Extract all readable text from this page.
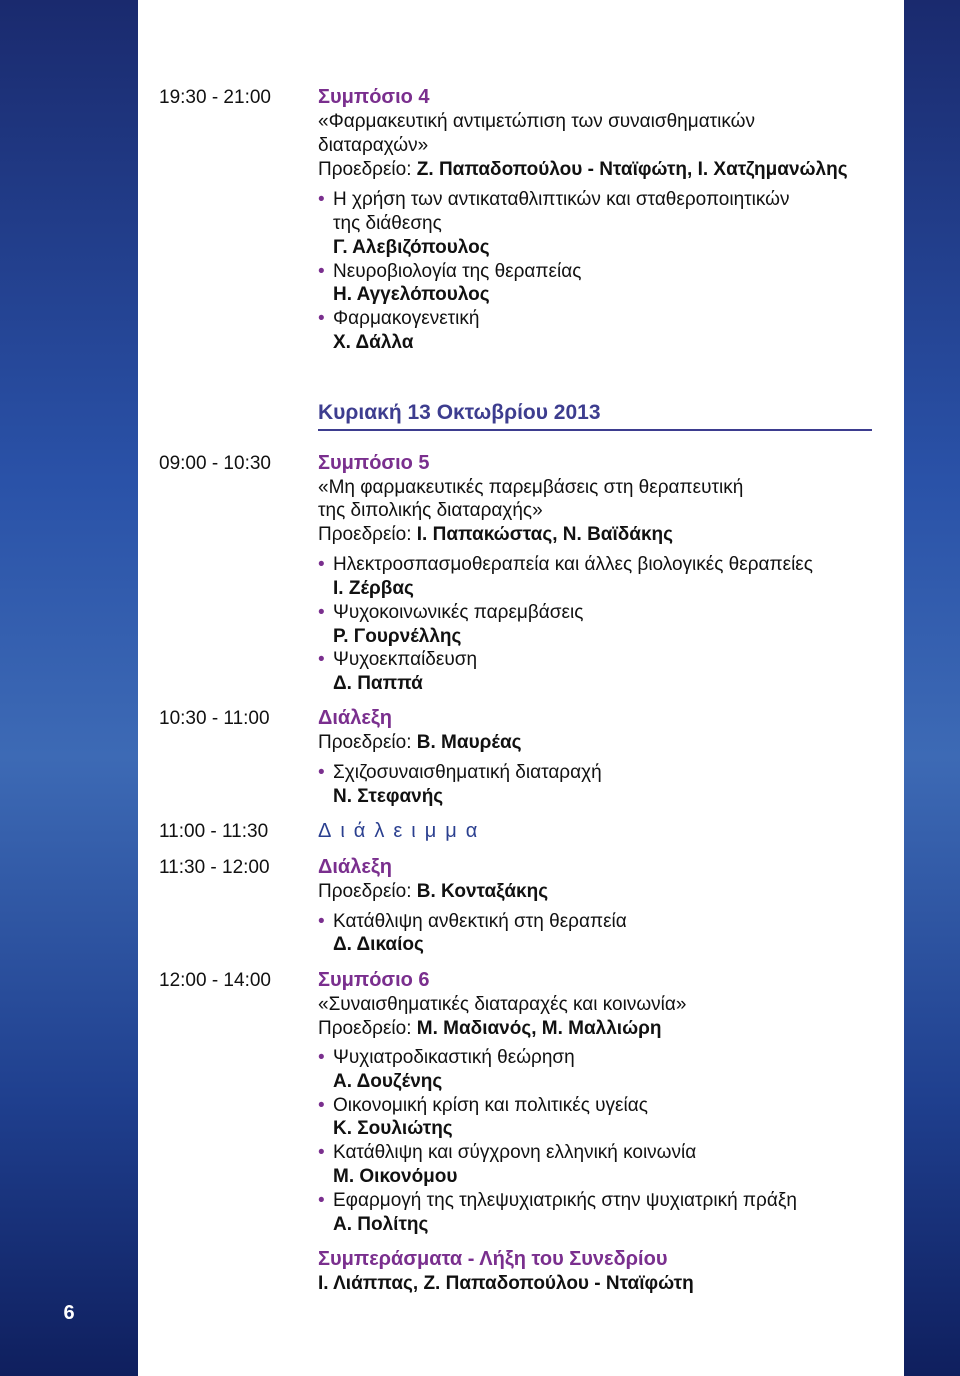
6
19:30 - 21:00 Συμπόσιο 4
«Φαρμακευτική αντιμετώπιση των συναισθηματικών
διαταραχών»
Προεδρείο: Ζ. Παπαδοπούλου - Νταϊφώτη, Ι. Χατζημανώλης
• Η χρήση των αντικαταθλιπτικών και σταθεροποιητικών
της διάθεσης
Γ. Αλεβιζόπουλος
• Νευροβιολογία της θεραπείας
Η. Αγγελόπουλος
• Φαρμακογενετική
Χ. Δάλλα
Κυριακή 13 Οκτωβρίου 2013
09:00 - 10:30 Συμπόσιο 5
«Μη φαρμακευτικές παρεμβάσεις στη θεραπευτική
της διπολικής διαταραχής»
Προεδρείο: Ι. Παπακώστας, Ν. Βαϊδάκης
• Ηλεκτροσπασμοθεραπεία και άλλες βιολογικές θεραπείες
Ι. Ζέρβας
• Ψυχοκοινωνικές παρεμβάσεις
Ρ. Γουρνέλλης
• Ψυχοεκπαίδευση
Δ. Παππά
10:30 - 11:00 Διάλεξη
Προεδρείο: Β. Μαυρέας
• Σχιζοσυναισθηματική διαταραχή
Ν. Στεφανής
11:00 - 11:30 Διάλειμμα
11:30 - 12:00 Διάλεξη
Προεδρείο: Β. Κονταξάκης
• Κατάθλιψη ανθεκτική στη θεραπεία
Δ. Δικαίος
12:00 - 14:00 Συμπόσιο 6
«Συναισθηματικές διαταραχές και κοινωνία»
Προεδρείο: Μ. Μαδιανός, Μ. Μαλλιώρη
• Ψυχιατροδικαστική θεώρηση
Α. Δουζένης
• Οικονομική κρίση και πολιτικές υγείας
Κ. Σουλιώτης
• Κατάθλιψη και σύγχρονη ελληνική κοινωνία
Μ. Οικονόμου
• Εφαρμογή της τηλεψυχιατρικής στην ψυχιατρική πράξη
Α. Πολίτης
Συμπεράσματα - Λήξη του Συνεδρίου
Ι. Λιάππας, Ζ. Παπαδοπούλου - Νταϊφώτη
